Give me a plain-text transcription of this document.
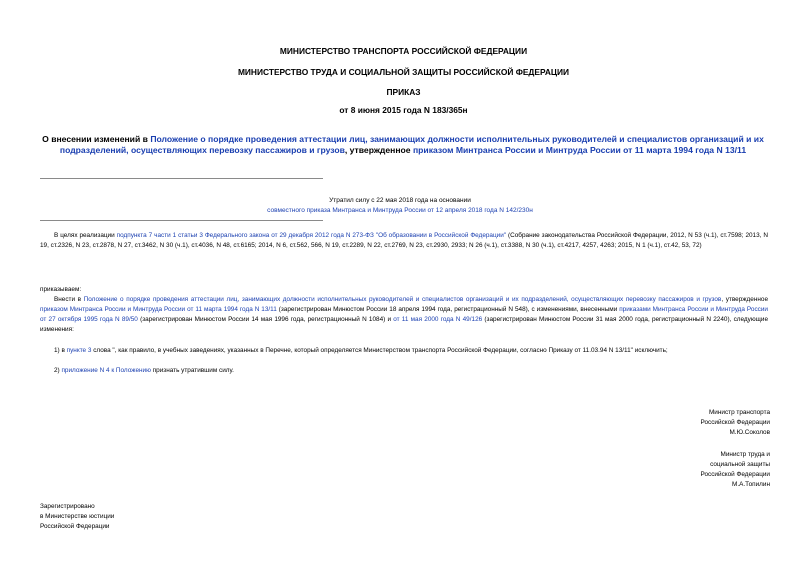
МИНИСТЕРСТВО ТРАНСПОРТА РОССИЙСКОЙ ФЕДЕРАЦИИ
МИНИСТЕРСТВО ТРУДА И СОЦИАЛЬНОЙ ЗАЩИТЫ РОССИЙСКОЙ ФЕДЕРАЦИИ
ПРИКАЗ
от 8 июня 2015 года N 183/365н
О внесении изменений в Положение о порядке проведения аттестации лиц, занимающих должности исполнительных руководителей и специалистов организаций и их подразделений, осуществляющих перевозку пассажиров и грузов, утвержденное приказом Минтранса России и Минтруда России от 11 марта 1994 года N 13/11
Утратил силу с 22 мая 2018 года на основании
совместного приказа Минтранса и Минтруда России от 12 апреля 2018 года N 142/230н
В целях реализации подпункта 7 части 1 статьи 3 Федерального закона от 29 декабря 2012 года N 273-ФЗ "Об образовании в Российской Федерации" (Собрание законодательства Российской Федерации, 2012, N 53 (ч.1), ст.7598; 2013, N 19, ст.2326, N 23, ст.2878, N 27, ст.3462, N 30 (ч.1), ст.4036, N 48, ст.6165; 2014, N 6, ст.562, 566, N 19, ст.2289, N 22, ст.2769, N 23, ст.2930, 2933; N 26 (ч.1), ст.3388, N 30 (ч.1), ст.4217, 4257, 4263; 2015, N 1 (ч.1), ст.42, 53, 72)
приказываем:
Внести в Положение о порядке проведения аттестации лиц, занимающих должности исполнительных руководителей и специалистов организаций и их подразделений, осуществляющих перевозку пассажиров и грузов, утвержденное приказом Минтранса России и Минтруда России от 11 марта 1994 года N 13/11 (зарегистрирован Минюстом России 18 апреля 1994 года, регистрационный N 548), с изменениями, внесенными приказами Минтранса России и Минтруда России от 27 октября 1995 года N 89/50 (зарегистрирован Минюстом России 14 мая 1996 года, регистрационный N 1084) и от 11 мая 2000 года N 49/126 (зарегистрирован Минюстом России 31 мая 2000 года, регистрационный N 2240), следующие изменения:
1) в пункте 3 слова ", как правило, в учебных заведениях, указанных в Перечне, который определяется Министерством транспорта Российской Федерации, согласно Приказу от 11.03.94 N 13/11" исключить;
2) приложение N 4 к Положению признать утратившим силу.
Министр транспорта
Российской Федерации
М.Ю.Соколов
Министр труда и
социальной защиты
Российской Федерации
М.А.Топилин
Зарегистрировано
в Министерстве юстиции
Российской Федерации
